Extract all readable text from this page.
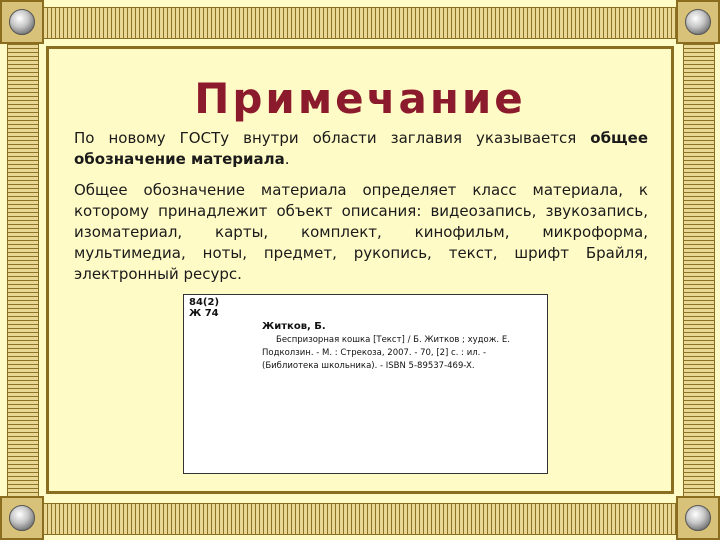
Примечание
По новому ГОСТу внутри области заглавия указывается общее обозначение материала.
Общее обозначение материала определяет класс материала, к которому принадлежит объект описания: видеозапись, звукозапись, изоматериал, карты, комплект, кинофильм, микроформа, мультимедиа, ноты, предмет, рукопись, текст, шрифт Брайля, электронный ресурс.
84(2)
Ж 74
Житков, Б.
Беспризорная кошка [Текст] / Б. Житков ; худож. Е.
Подколзин. - М. : Стрекоза, 2007. - 70, [2] с. : ил. -
(Библиотека школьника). - ISBN 5-89537-469-X.
